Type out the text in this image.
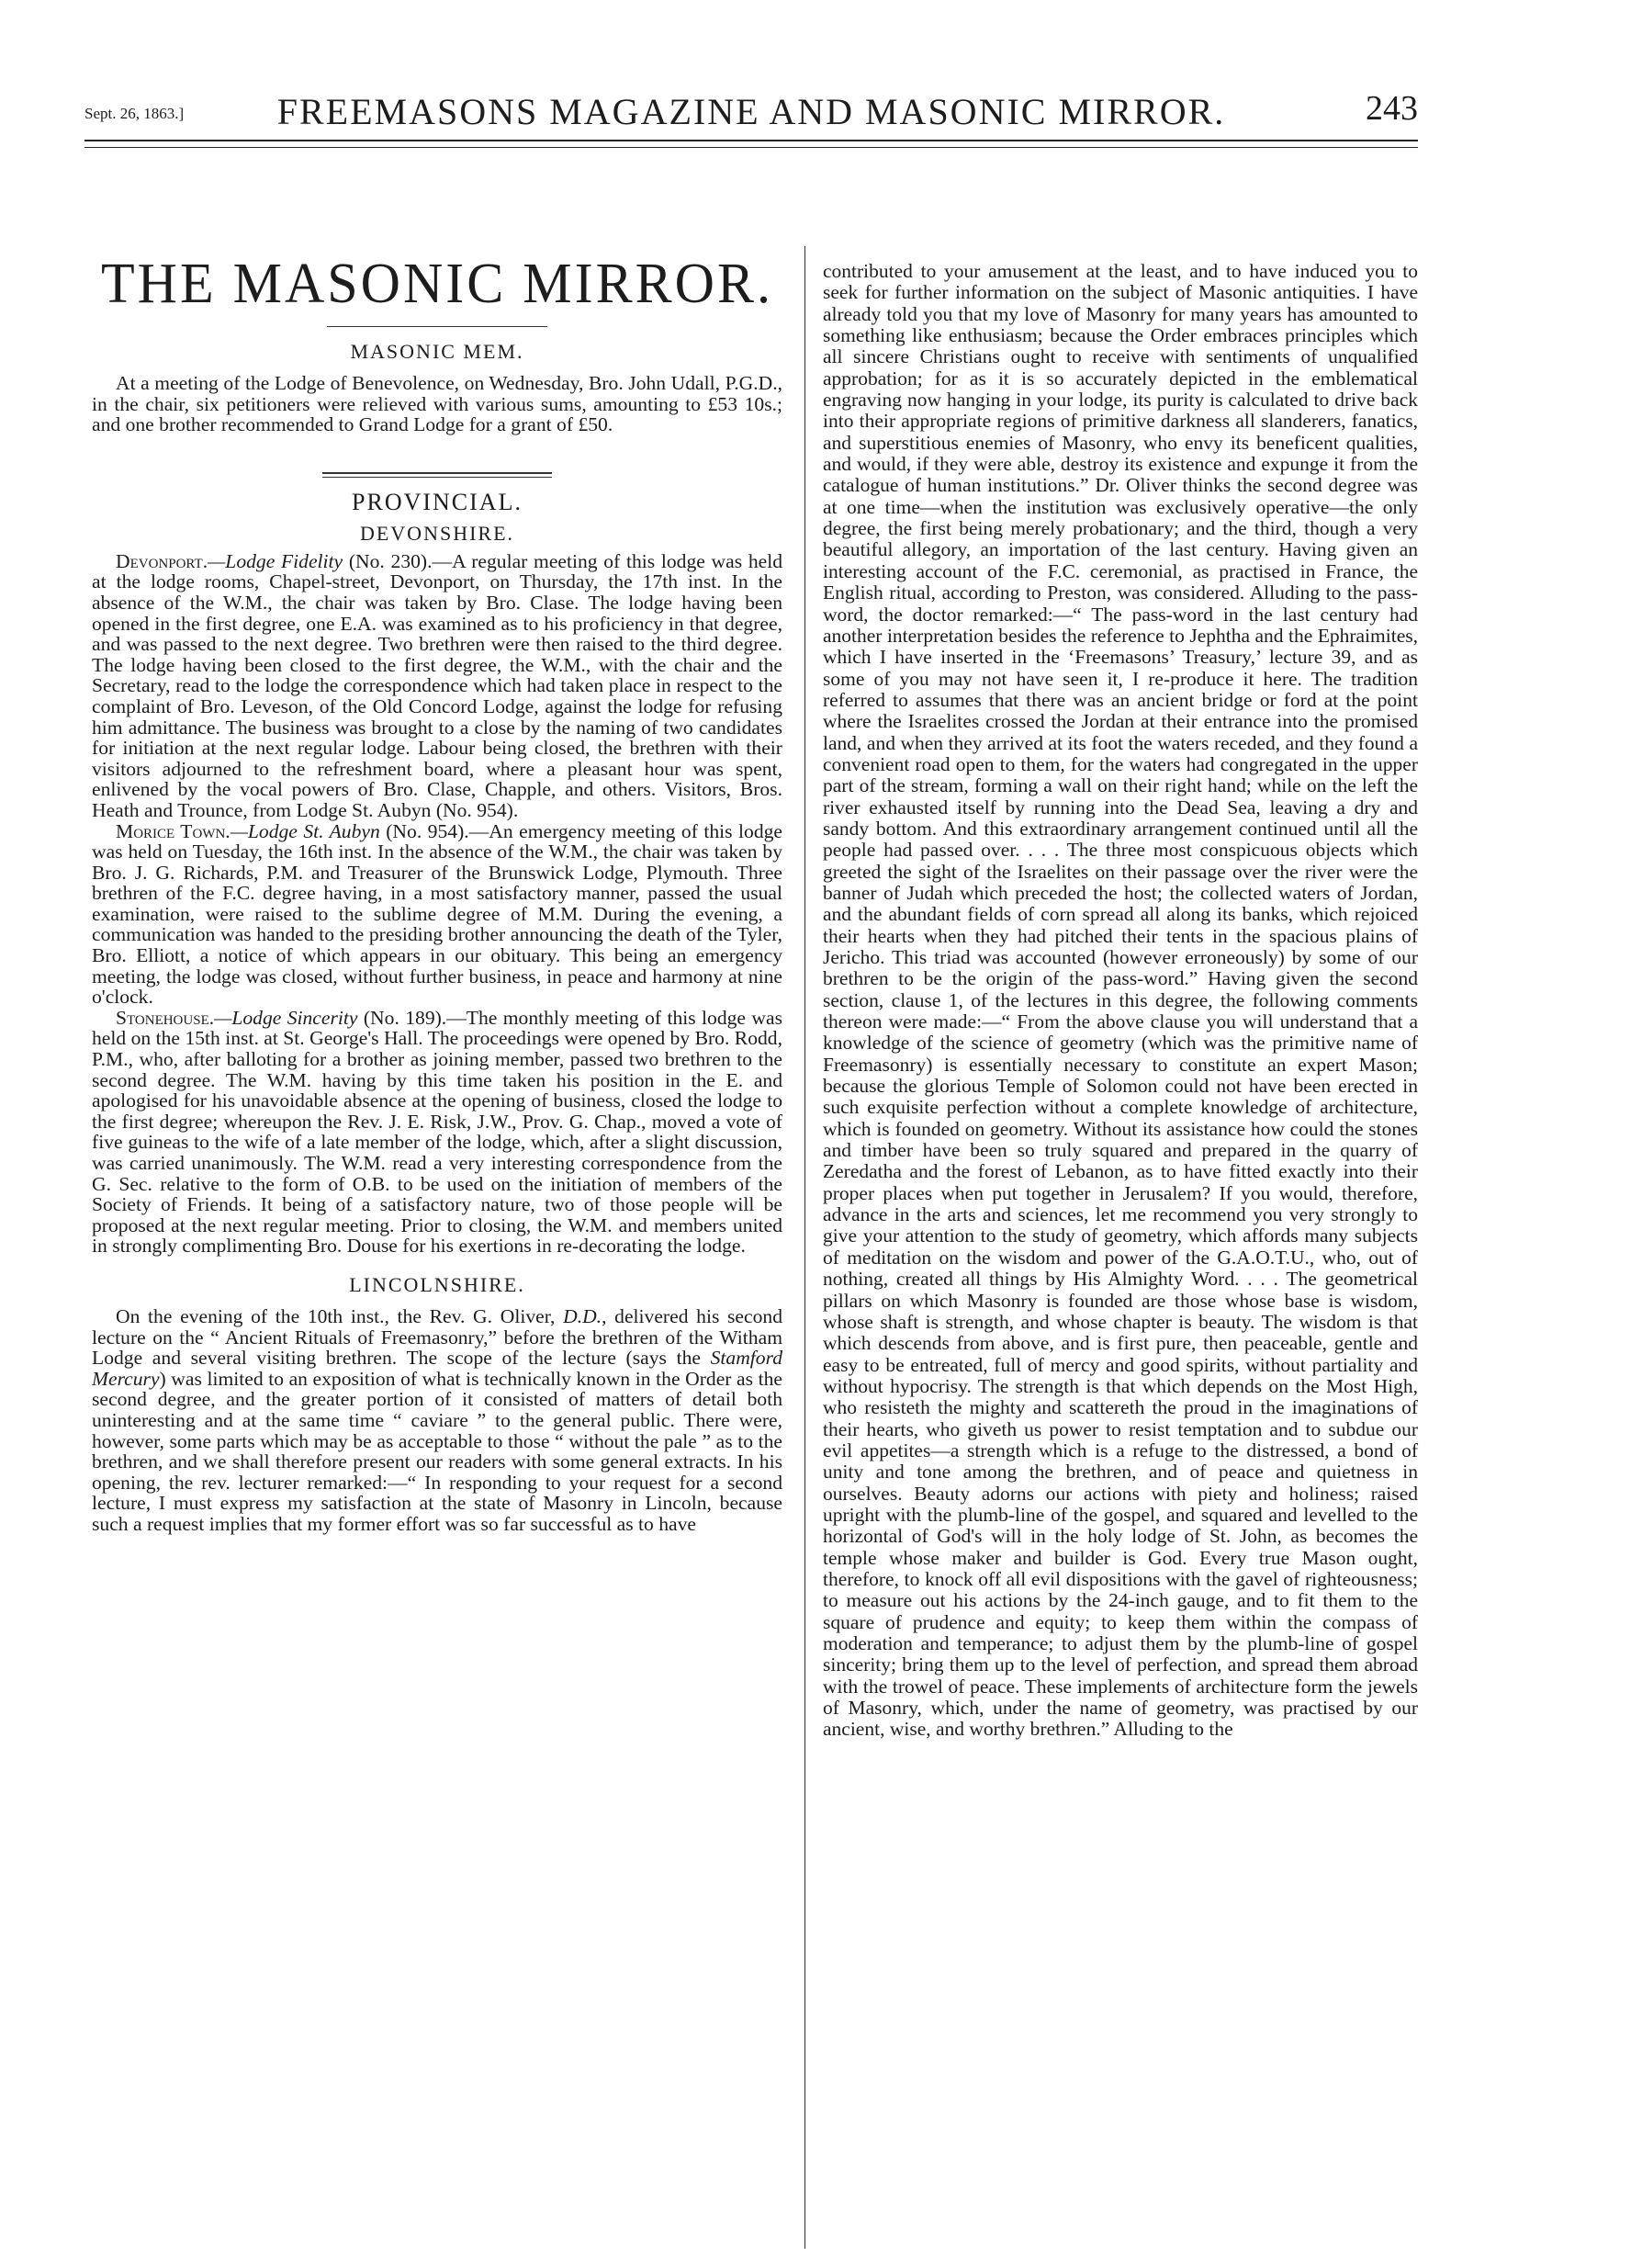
Sept. 26, 1863.]	FREEMASONS MAGAZINE AND MASONIC MIRROR.	243
THE MASONIC MIRROR.
MASONIC MEM.

At a meeting of the Lodge of Benevolence, on Wednesday, Bro. John Udall, P.G.D., in the chair, six petitioners were relieved with various sums, amounting to £53 10s.; and one brother recommended to Grand Lodge for a grant of £50.

PROVINCIAL.
DEVONSHIRE.

Devonport.—Lodge Fidelity (No. 230).—A regular meeting of this lodge was held at the lodge rooms, Chapel-street, Devonport, on Thursday, the 17th inst. In the absence of the W.M., the chair was taken by Bro. Clase. The lodge having been opened in the first degree, one E.A. was examined as to his proficiency in that degree, and was passed to the next degree. Two brethren were then raised to the third degree. The lodge having been closed to the first degree, the W.M., with the chair and the Secretary, read to the lodge the correspondence which had taken place in respect to the complaint of Bro. Leveson, of the Old Concord Lodge, against the lodge for refusing him admittance. The business was brought to a close by the naming of two candidates for initiation at the next regular lodge. Labour being closed, the brethren with their visitors adjourned to the refreshment board, where a pleasant hour was spent, enlivened by the vocal powers of Bro. Clase, Chapple, and others. Visitors, Bros. Heath and Trounce, from Lodge St. Aubyn (No. 954).

Morice Town.—Lodge St. Aubyn (No. 954).—An emergency meeting of this lodge was held on Tuesday, the 16th inst. In the absence of the W.M., the chair was taken by Bro. J. G. Richards, P.M. and Treasurer of the Brunswick Lodge, Plymouth. Three brethren of the F.C. degree having, in a most satisfactory manner, passed the usual examination, were raised to the sublime degree of M.M. During the evening, a communication was handed to the presiding brother announcing the death of the Tyler, Bro. Elliott, a notice of which appears in our obituary. This being an emergency meeting, the lodge was closed, without further business, in peace and harmony at nine o'clock.

Stonehouse.—Lodge Sincerity (No. 189).—The monthly meeting of this lodge was held on the 15th inst. at St. George's Hall. The proceedings were opened by Bro. Rodd, P.M., who, after balloting for a brother as joining member, passed two brethren to the second degree. The W.M. having by this time taken his position in the E. and apologised for his unavoidable absence at the opening of business, closed the lodge to the first degree; whereupon the Rev. J. E. Risk, J.W., Prov. G. Chap., moved a vote of five guineas to the wife of a late member of the lodge, which, after a slight discussion, was carried unanimously. The W.M. read a very interesting correspondence from the G. Sec. relative to the form of O.B. to be used on the initiation of members of the Society of Friends. It being of a satisfactory nature, two of those people will be proposed at the next regular meeting. Prior to closing, the W.M. and members united in strongly complimenting Bro. Douse for his exertions in re-decorating the lodge.

LINCOLNSHIRE.

On the evening of the 10th inst., the Rev. G. Oliver, D.D., delivered his second lecture on the “ Ancient Rituals of Freemasonry,” before the brethren of the Witham Lodge and several visiting brethren. The scope of the lecture (says the Stamford Mercury) was limited to an exposition of what is technically known in the Order as the second degree, and the greater portion of it consisted of matters of detail both uninteresting and at the same time “ caviare ” to the general public. There were, however, some parts which may be as acceptable to those “ without the pale ” as to the brethren, and we shall therefore present our readers with some general extracts. In his opening, the rev. lecturer remarked:—“ In responding to your request for a second lecture, I must express my satisfaction at the state of Masonry in Lincoln, because such a request implies that my former effort was so far successful as to have

contributed to your amusement at the least, and to have induced you to seek for further information on the subject of Masonic antiquities. I have already told you that my love of Masonry for many years has amounted to something like enthusiasm; because the Order embraces principles which all sincere Christians ought to receive with sentiments of unqualified approbation; for as it is so accurately depicted in the emblematical engraving now hanging in your lodge, its purity is calculated to drive back into their appropriate regions of primitive darkness all slanderers, fanatics, and superstitious enemies of Masonry, who envy its beneficent qualities, and would, if they were able, destroy its existence and expunge it from the catalogue of human institutions.” Dr. Oliver thinks the second degree was at one time—when the institution was exclusively operative—the only degree, the first being merely probationary; and the third, though a very beautiful allegory, an importation of the last century. Having given an interesting account of the F.C. ceremonial, as practised in France, the English ritual, according to Preston, was considered. Alluding to the pass-word, the doctor remarked:—“ The pass-word in the last century had another interpretation besides the reference to Jephtha and the Ephraimites, which I have inserted in the ‘Freemasons’ Treasury,’ lecture 39, and as some of you may not have seen it, I re-produce it here. The tradition referred to assumes that there was an ancient bridge or ford at the point where the Israelites crossed the Jordan at their entrance into the promised land, and when they arrived at its foot the waters receded, and they found a convenient road open to them, for the waters had congregated in the upper part of the stream, forming a wall on their right hand; while on the left the river exhausted itself by running into the Dead Sea, leaving a dry and sandy bottom. And this extraordinary arrangement continued until all the people had passed over. . . . The three most conspicuous objects which greeted the sight of the Israelites on their passage over the river were the banner of Judah which preceded the host; the collected waters of Jordan, and the abundant fields of corn spread all along its banks, which rejoiced their hearts when they had pitched their tents in the spacious plains of Jericho. This triad was accounted (however erroneously) by some of our brethren to be the origin of the pass-word.” Having given the second section, clause 1, of the lectures in this degree, the following comments thereon were made:—“ From the above clause you will understand that a knowledge of the science of geometry (which was the primitive name of Freemasonry) is essentially necessary to constitute an expert Mason; because the glorious Temple of Solomon could not have been erected in such exquisite perfection without a complete knowledge of architecture, which is founded on geometry. Without its assistance how could the stones and timber have been so truly squared and prepared in the quarry of Zeredatha and the forest of Lebanon, as to have fitted exactly into their proper places when put together in Jerusalem? If you would, therefore, advance in the arts and sciences, let me recommend you very strongly to give your attention to the study of geometry, which affords many subjects of meditation on the wisdom and power of the G.A.O.T.U., who, out of nothing, created all things by His Almighty Word. . . . The geometrical pillars on which Masonry is founded are those whose base is wisdom, whose shaft is strength, and whose chapter is beauty. The wisdom is that which descends from above, and is first pure, then peaceable, gentle and easy to be entreated, full of mercy and good spirits, without partiality and without hypocrisy. The strength is that which depends on the Most High, who resisteth the mighty and scattereth the proud in the imaginations of their hearts, who giveth us power to resist temptation and to subdue our evil appetites—a strength which is a refuge to the distressed, a bond of unity and tone among the brethren, and of peace and quietness in ourselves. Beauty adorns our actions with piety and holiness; raised upright with the plumb-line of the gospel, and squared and levelled to the horizontal of God's will in the holy lodge of St. John, as becomes the temple whose maker and builder is God. Every true Mason ought, therefore, to knock off all evil dispositions with the gavel of righteousness; to measure out his actions by the 24-inch gauge, and to fit them to the square of prudence and equity; to keep them within the compass of moderation and temperance; to adjust them by the plumb-line of gospel sincerity; bring them up to the level of perfection, and spread them abroad with the trowel of peace. These implements of architecture form the jewels of Masonry, which, under the name of geometry, was practised by our ancient, wise, and worthy brethren.” Alluding to the
